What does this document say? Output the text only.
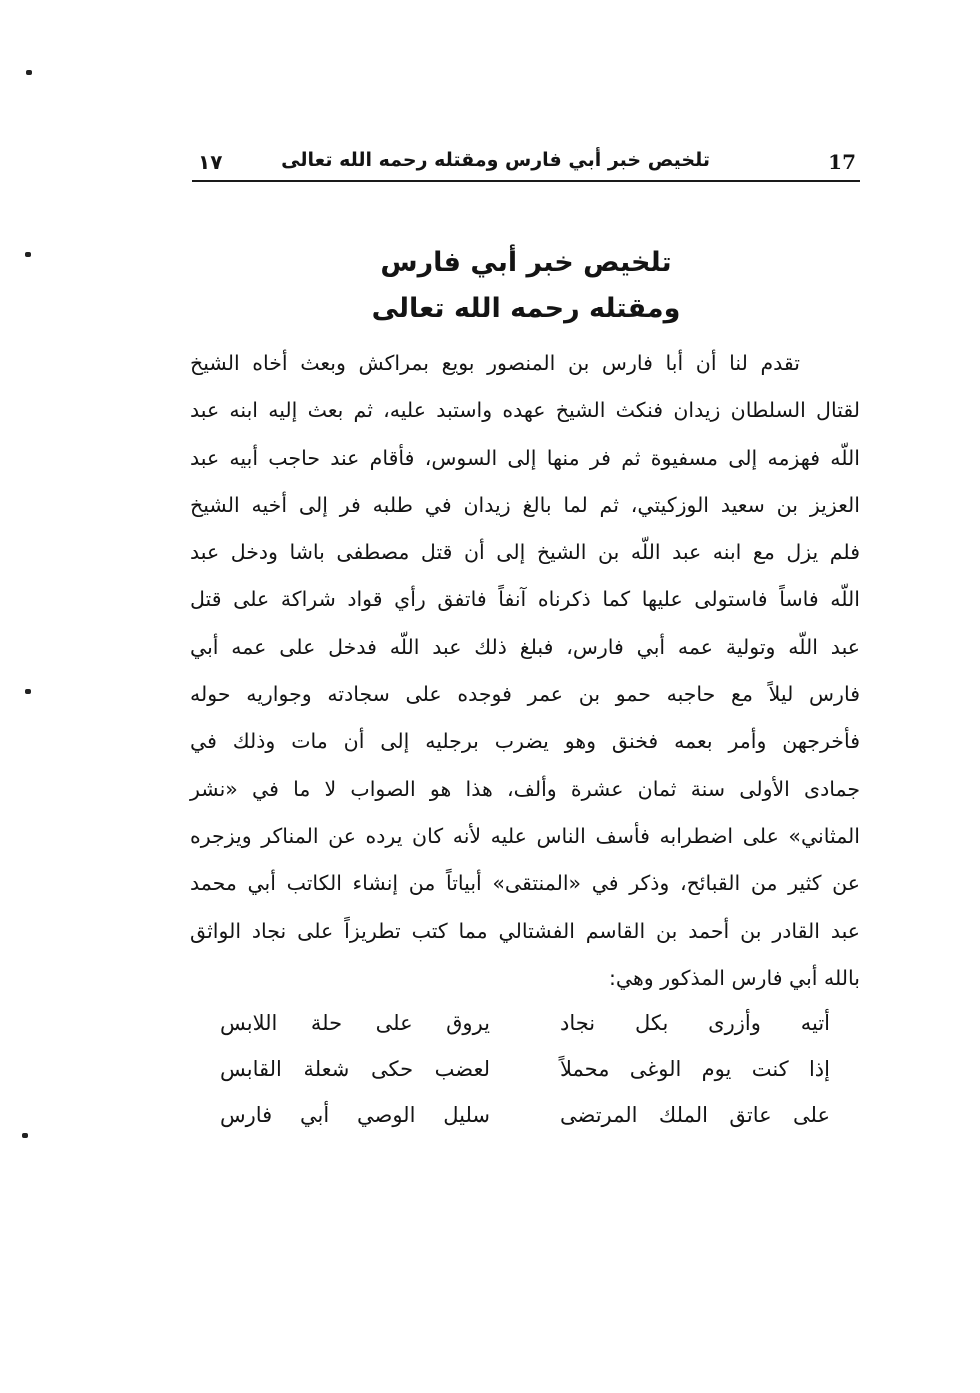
١٧	تلخيص خبر أبي فارس ومقتله رحمه الله تعالى	17
تلخيص خبر أبي فارس
ومقتله رحمه الله تعالى
تقدم لنا أن أبا فارس بن المنصور بويع بمراكش وبعث أخاه الشيخ
لقتال السلطان زيدان فنكث الشيخ عهده واستبد عليه، ثم بعث إليه ابنه عبد
اللّه فهزمه إلى مسفيوة ثم فر منها إلى السوس، فأقام عند حاجب أبيه عبد
العزيز بن سعيد الوزكيتي، ثم لما بالغ زيدان في طلبه فر إلى أخيه الشيخ
فلم يزل مع ابنه عبد اللّه بن الشيخ إلى أن قتل مصطفى باشا ودخل عبد
اللّه فاساً فاستولى عليها كما ذكرناه آنفاً فاتفق رأي قواد شراكة على قتل
عبد اللّه وتولية عمه أبي فارس، فبلغ ذلك عبد اللّه فدخل على عمه أبي
فارس ليلاً مع حاجبه حمو بن عمر فوجده على سجادته وجواريه حوله
فأخرجهن وأمر بعمه فخنق وهو يضرب برجليه إلى أن مات وذلك في
جمادى الأولى سنة ثمان عشرة وألف، هذا هو الصواب لا ما في «نشر
المثاني» على اضطرابه فأسف الناس عليه لأنه كان يرده عن المناكر ويزجره
عن كثير من القبائح، وذكر في «المنتقى» أبياتاً من إنشاء الكاتب أبي محمد
عبد القادر بن أحمد بن القاسم الفشتالي مما كتب تطريزاً على نجاد الواثق
بالله أبي فارس المذكور وهي:
أتيه وأزرى بكل نجاد
يروق على حلة اللابس
إذا كنت يوم الوغى محملاً
لعضب حكى شعلة القابس
على عاتق الملك المرتضى
سليل الوصي أبي فارس
